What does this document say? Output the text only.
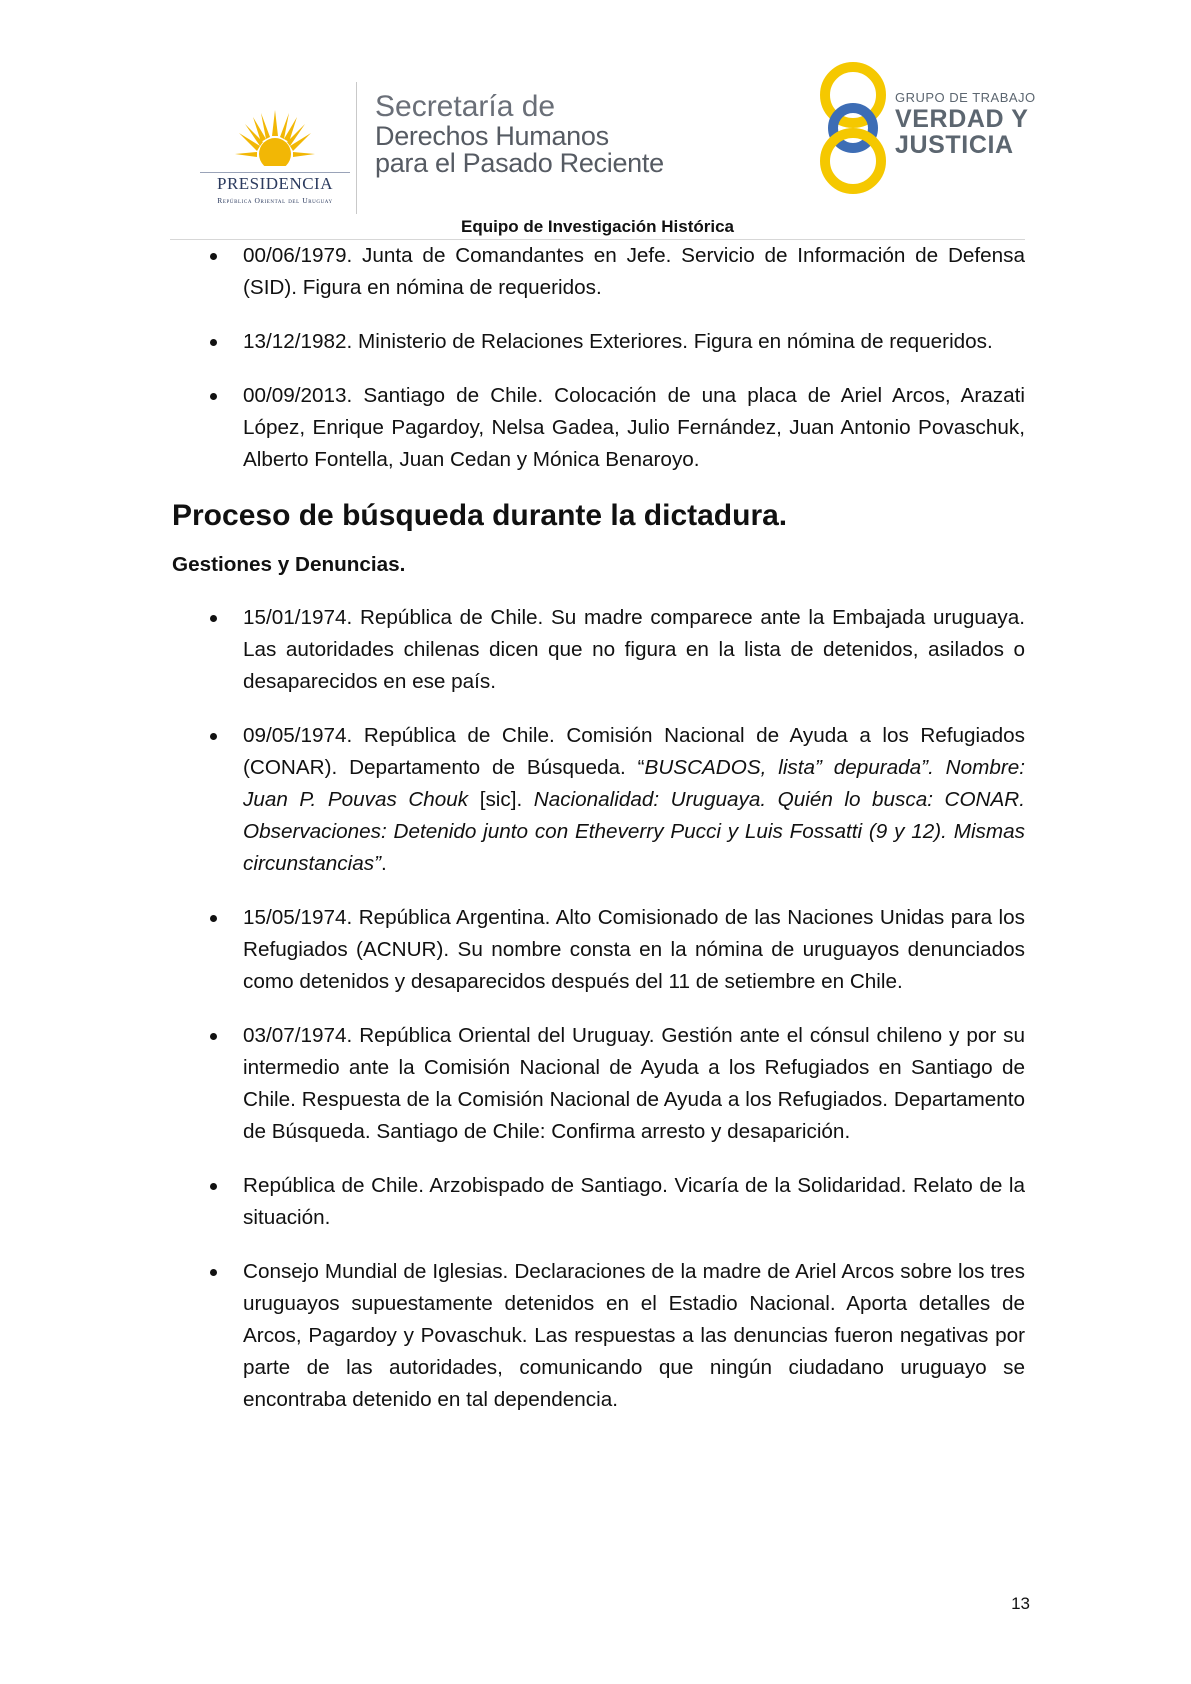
PRESIDENCIA
República Oriental del Uruguay
Secretaría de
Derechos Humanos
para el Pasado Reciente
GRUPO DE TRABAJO
VERDAD Y
JUSTICIA
Equipo de Investigación Histórica
00/06/1979. Junta de Comandantes en Jefe. Servicio de Información de Defensa (SID). Figura en nómina de requeridos.
13/12/1982. Ministerio de Relaciones Exteriores. Figura en nómina de requeridos.
00/09/2013. Santiago de Chile. Colocación de una placa de Ariel Arcos, Arazati López, Enrique Pagardoy, Nelsa Gadea, Julio Fernández, Juan Antonio Povaschuk, Alberto Fontella, Juan Cedan y Mónica Benaroyo.
Proceso de búsqueda durante la dictadura.
Gestiones y Denuncias.
15/01/1974. República de Chile. Su madre comparece ante la Embajada uruguaya. Las autoridades chilenas dicen que no figura en la lista de detenidos, asilados o desaparecidos en ese país.
09/05/1974. República de Chile. Comisión Nacional de Ayuda a los Refugiados (CONAR). Departamento de Búsqueda. “BUSCADOS, lista” depurada”. Nombre: Juan P. Pouvas Chouk [sic]. Nacionalidad: Uruguaya. Quién lo busca: CONAR. Observaciones: Detenido junto con Etheverry Pucci y Luis Fossatti (9 y 12). Mismas circunstancias”.
15/05/1974. República Argentina. Alto Comisionado de las Naciones Unidas para los Refugiados (ACNUR). Su nombre consta en la nómina de uruguayos denunciados como detenidos y desaparecidos después del 11 de setiembre en Chile.
03/07/1974. República Oriental del Uruguay. Gestión ante el cónsul chileno y por su intermedio ante la Comisión Nacional de Ayuda a los Refugiados en Santiago de Chile. Respuesta de la Comisión Nacional de Ayuda a los Refugiados. Departamento de Búsqueda. Santiago de Chile: Confirma arresto y desaparición.
República de Chile. Arzobispado de Santiago. Vicaría de la Solidaridad. Relato de la situación.
Consejo Mundial de Iglesias. Declaraciones de la madre de Ariel Arcos sobre los tres uruguayos supuestamente detenidos en el Estadio Nacional. Aporta detalles de Arcos, Pagardoy y Povaschuk. Las respuestas a las denuncias fueron negativas por parte de las autoridades, comunicando que ningún ciudadano uruguayo se encontraba detenido en tal dependencia.
13
